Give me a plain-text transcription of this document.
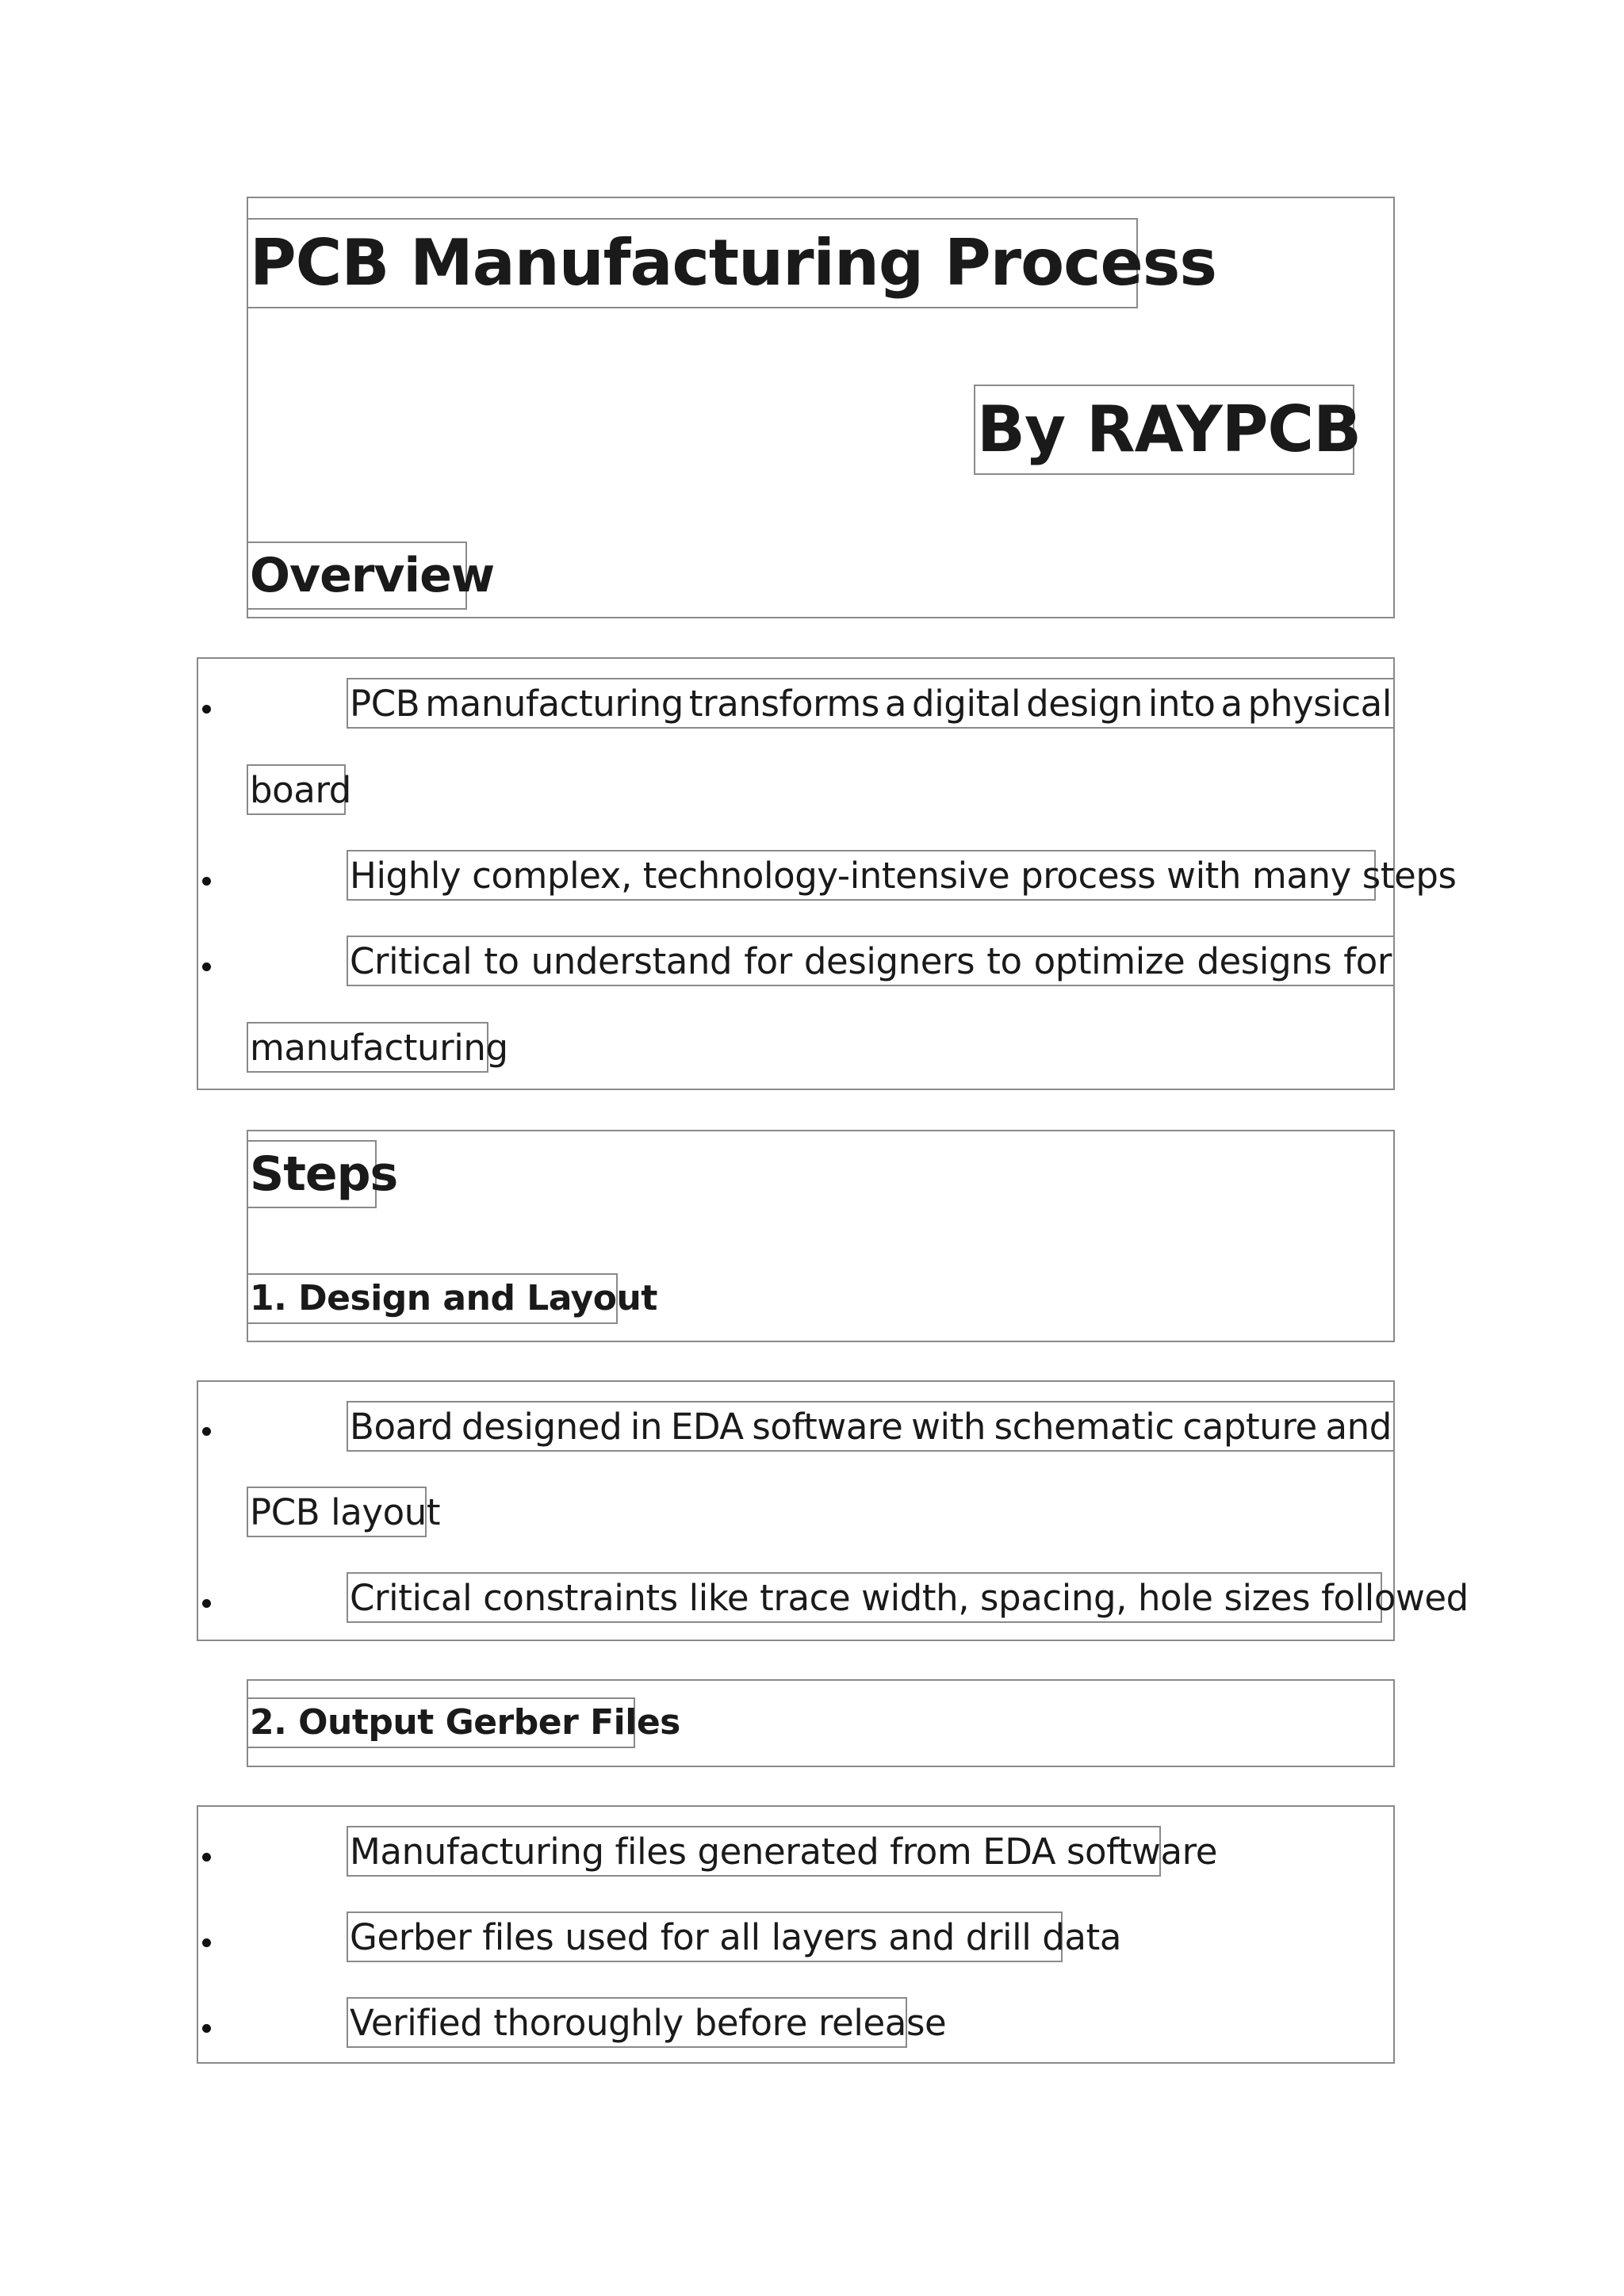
PCB Manufacturing Process
By RAYPCB
Overview
PCB manufacturing transforms a digital design into a physical
board
Highly complex, technology-intensive process with many steps
Critical to understand for designers to optimize designs for
manufacturing
Steps
1. Design and Layout
Board designed in EDA software with schematic capture and
PCB layout
Critical constraints like trace width, spacing, hole sizes followed
2. Output Gerber Files
Manufacturing files generated from EDA software
Gerber files used for all layers and drill data
Verified thoroughly before release
